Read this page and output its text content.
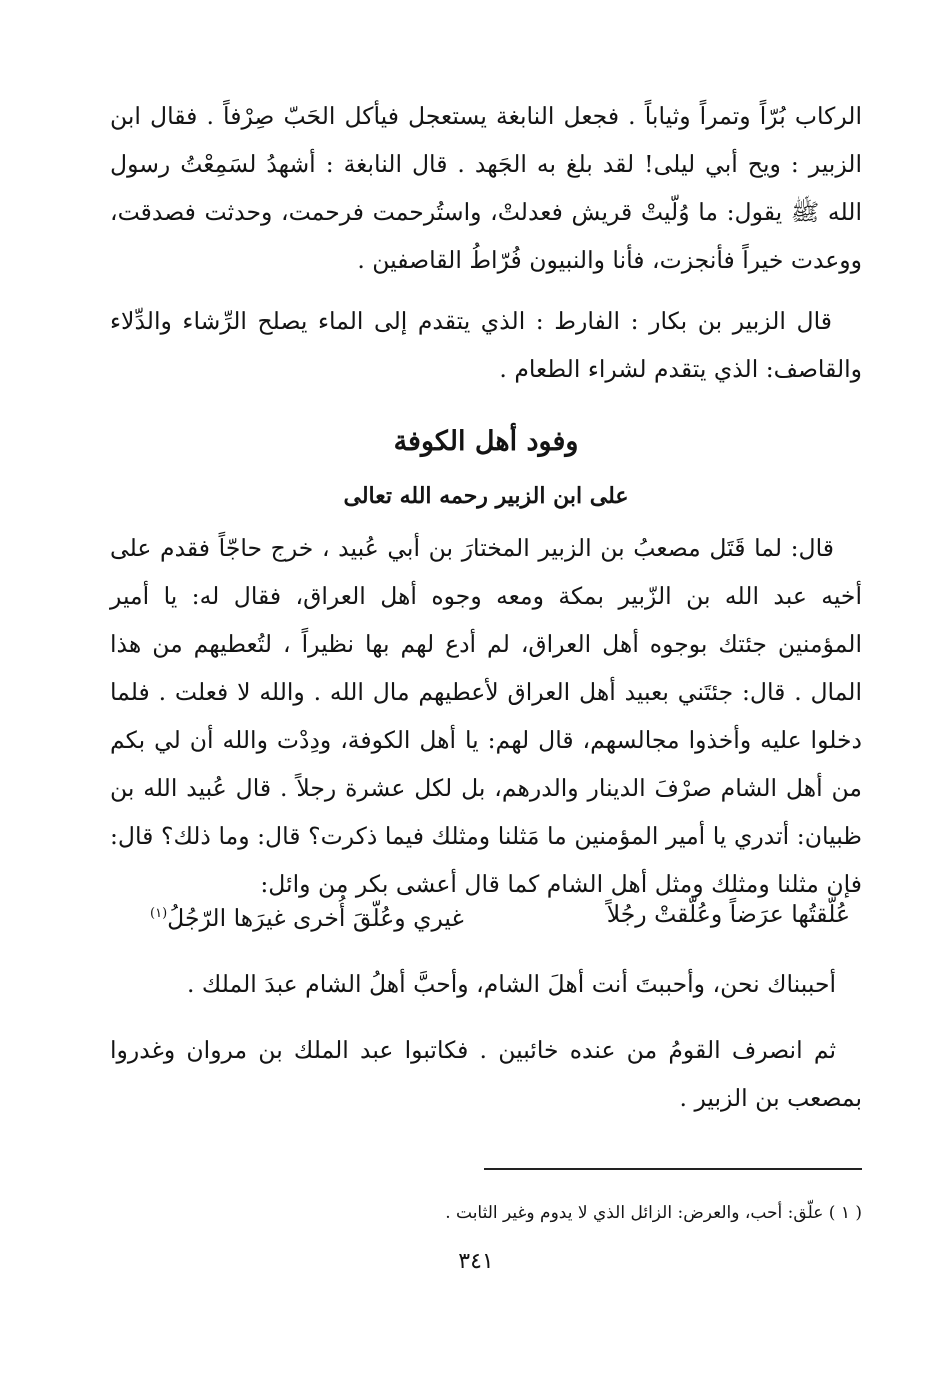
الركاب بُرّاً وتمراً وثياباً . فجعل النابغة يستعجل فيأكل الحَبّ صِرْفاً . فقال ابن الزبير : ويح أبي ليلى! لقد بلغ به الجَهد . قال النابغة : أشهدُ لسَمِعْتُ رسول الله ﷺ يقول: ما وُلّيتْ قريش فعدلتْ، واستُرحمت فرحمت، وحدثت فصدقت، ووعدت خيراً فأنجزت، فأنا والنبيون فُرّاطُ القاصفين .

قال الزبير بن بكار : الفارط : الذي يتقدم إلى الماء يصلح الرِّشاء والدِّلاء والقاصف: الذي يتقدم لشراء الطعام .

وفود أهل الكوفة
على ابن الزبير رحمه الله تعالى

قال: لما قَتَل مصعبُ بن الزبير المختارَ بن أبي عُبيد ، خرج حاجّاً فقدم على أخيه عبد الله بن الزّبير بمكة ومعه وجوه أهل العراق، فقال له: يا أمير المؤمنين جئتك بوجوه أهل العراق، لم أدع لهم بها نظيراً ، لتُعطيهم من هذا المال . قال: جئتَني بعبيد أهل العراق لأعطيهم مال الله . والله لا فعلت . فلما دخلوا عليه وأخذوا مجالسهم، قال لهم: يا أهل الكوفة، ودِدْت والله أن لي بكم من أهل الشام صرْفَ الدينار والدرهم، بل لكل عشرة رجلاً . قال عُبيد الله بن ظبيان: أتدري يا أمير المؤمنين ما مَثلنا ومثلك فيما ذكرت؟ قال: وما ذلك؟ قال: فإن مثلنا ومثلك ومثل أهل الشام كما قال أعشى بكر من وائل:

عُلّقتُها عرَضاً وعُلّقتْ رجُلاً
غيري وعُلّقَ أُخرى غيرَها الرّجُلُ$^{(١)}$

أحببناك نحن، وأحببتَ أنت أهلَ الشام، وأحبَّ أهلُ الشام عبدَ الملك .

ثم انصرف القومُ من عنده خائبين . فكاتبوا عبد الملك بن مروان وغدروا بمصعب بن الزبير .

( ١ ) علّق: أحب، والعرض: الزائل الذي لا يدوم وغير الثابت .
٣٤١
